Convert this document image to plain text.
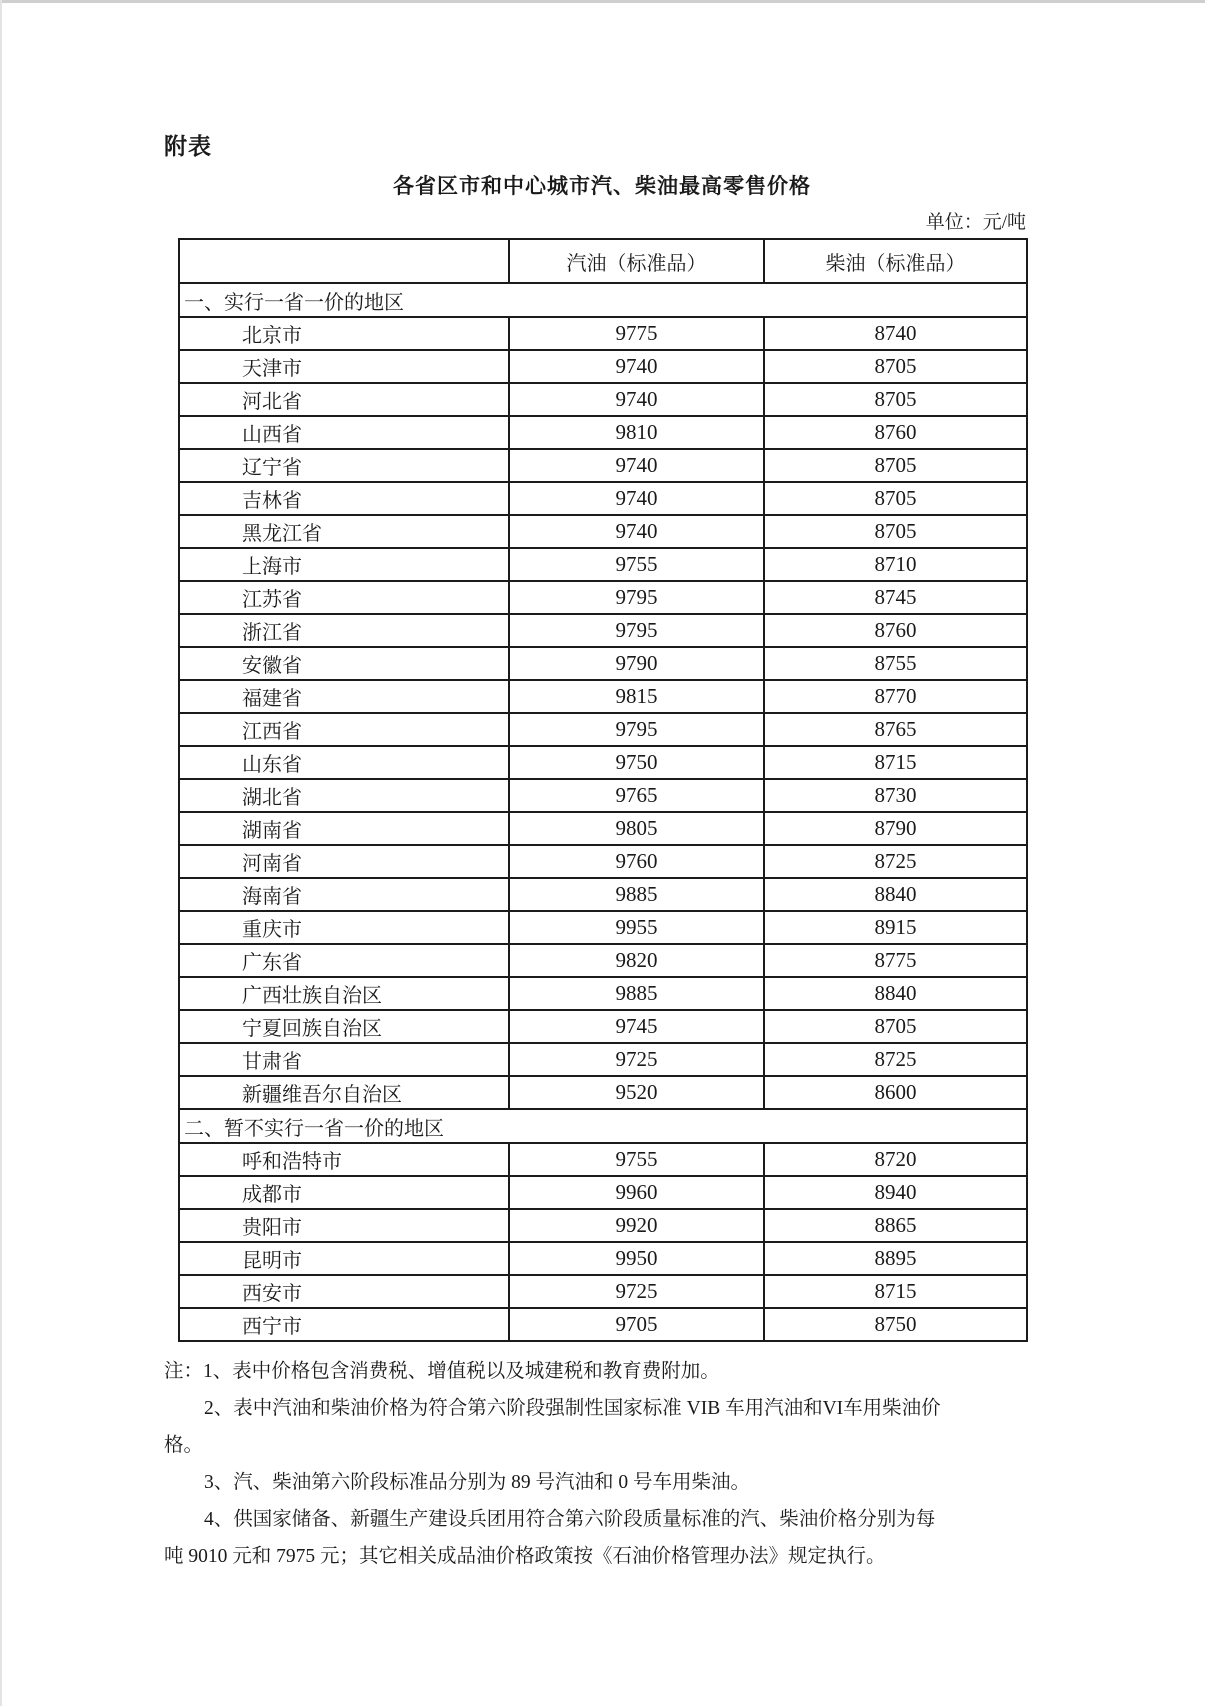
附表
各省区市和中心城市汽、柴油最高零售价格
单位：元/吨
	汽油（标准品）	柴油（标准品）
一、实行一省一价的地区		
北京市	9775	8740
天津市	9740	8705
河北省	9740	8705
山西省	9810	8760
辽宁省	9740	8705
吉林省	9740	8705
黑龙江省	9740	8705
上海市	9755	8710
江苏省	9795	8745
浙江省	9795	8760
安徽省	9790	8755
福建省	9815	8770
江西省	9795	8765
山东省	9750	8715
湖北省	9765	8730
湖南省	9805	8790
河南省	9760	8725
海南省	9885	8840
重庆市	9955	8915
广东省	9820	8775
广西壮族自治区	9885	8840
宁夏回族自治区	9745	8705
甘肃省	9725	8725
新疆维吾尔自治区	9520	8600
二、暂不实行一省一价的地区		
呼和浩特市	9755	8720
成都市	9960	8940
贵阳市	9920	8865
昆明市	9950	8895
西安市	9725	8715
西宁市	9705	8750
注：1、表中价格包含消费税、增值税以及城建税和教育费附加。
2、表中汽油和柴油价格为符合第六阶段强制性国家标准 VIB 车用汽油和VI车用柴油价
格。
3、汽、柴油第六阶段标准品分别为 89 号汽油和 0 号车用柴油。
4、供国家储备、新疆生产建设兵团用符合第六阶段质量标准的汽、柴油价格分别为每
吨 9010 元和 7975 元；其它相关成品油价格政策按《石油价格管理办法》规定执行。
